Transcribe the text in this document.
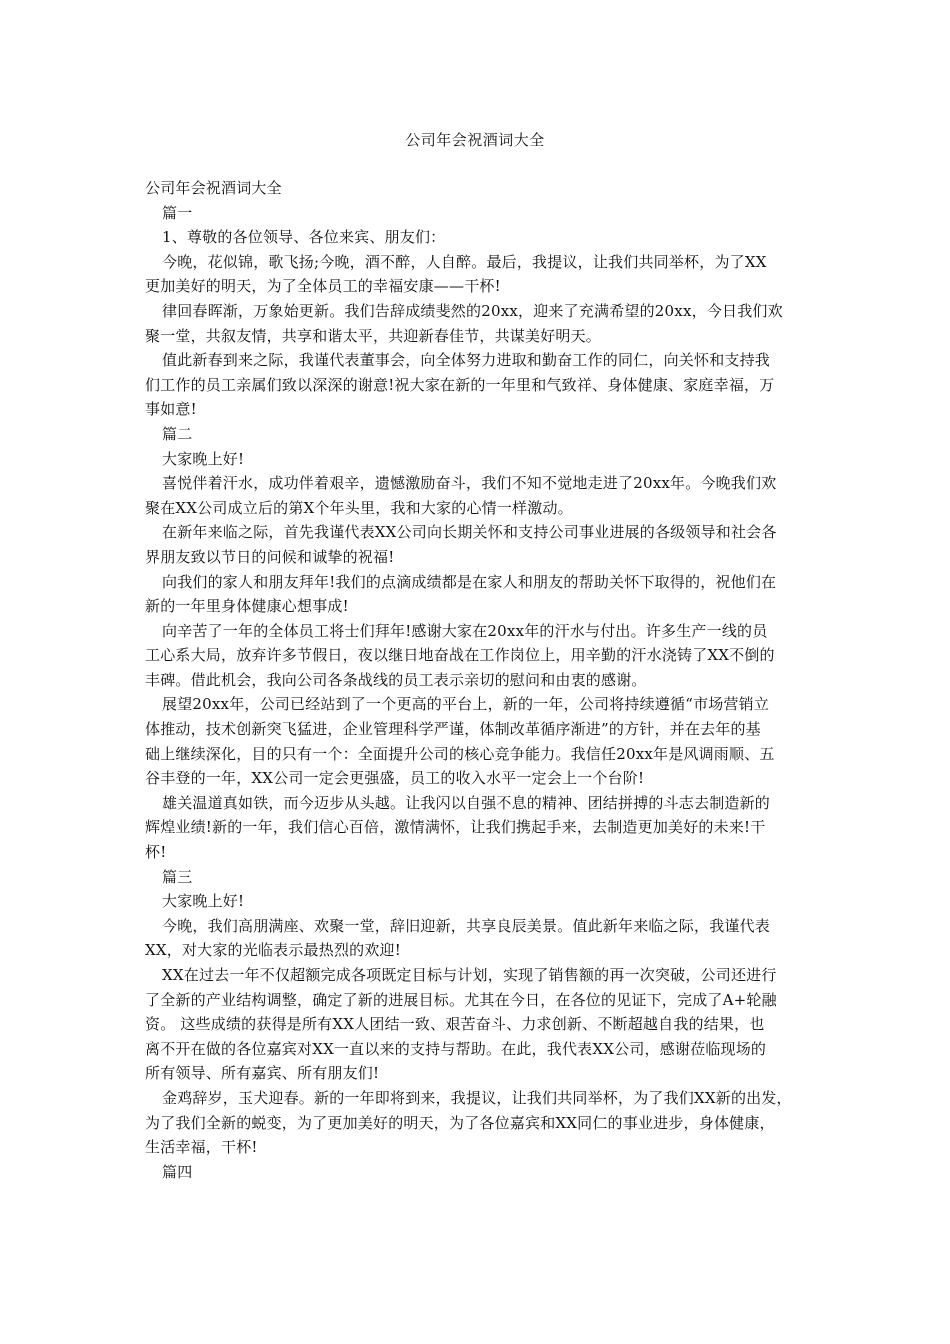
公司年会祝酒词大全
公司年会祝酒词大全
篇一
1、尊敬的各位领导、各位来宾、朋友们：
今晚，花似锦，歌飞扬;今晚，酒不醉，人自醉。最后，我提议，让我们共同举杯，为了XX
更加美好的明天，为了全体员工的幸福安康——干杯!
律回春晖渐，万象始更新。我们告辞成绩斐然的20xx，迎来了充满希望的20xx，今日我们欢
聚一堂，共叙友情，共享和谐太平，共迎新春佳节，共谋美好明天。
值此新春到来之际，我谨代表董事会，向全体努力进取和勤奋工作的同仁，向关怀和支持我
们工作的员工亲属们致以深深的谢意!祝大家在新的一年里和气致祥、身体健康、家庭幸福，万
事如意!
篇二
大家晚上好!
喜悦伴着汗水，成功伴着艰辛，遗憾激励奋斗，我们不知不觉地走进了20xx年。今晚我们欢
聚在XX公司成立后的第X个年头里，我和大家的心情一样激动。
在新年来临之际，首先我谨代表XX公司向长期关怀和支持公司事业进展的各级领导和社会各
界朋友致以节日的问候和诚挚的祝福!
向我们的家人和朋友拜年!我们的点滴成绩都是在家人和朋友的帮助关怀下取得的，祝他们在
新的一年里身体健康心想事成!
向辛苦了一年的全体员工将士们拜年!感谢大家在20xx年的汗水与付出。许多生产一线的员
工心系大局，放弃许多节假日，夜以继日地奋战在工作岗位上，用辛勤的汗水浇铸了XX不倒的
丰碑。借此机会，我向公司各条战线的员工表示亲切的慰问和由衷的感谢。
展望20xx年，公司已经站到了一个更高的平台上，新的一年，公司将持续遵循“市场营销立
体推动，技术创新突飞猛进，企业管理科学严谨，体制改革循序渐进”的方针，并在去年的基
础上继续深化，目的只有一个：全面提升公司的核心竞争能力。我信任20xx年是风调雨顺、五
谷丰登的一年，XX公司一定会更强盛，员工的收入水平一定会上一个台阶!
雄关温道真如铁，而今迈步从头越。让我闪以自强不息的精神、团结拼搏的斗志去制造新的
辉煌业绩!新的一年，我们信心百倍，激情满怀，让我们携起手来，去制造更加美好的未来!干
杯!
篇三
大家晚上好!
今晚，我们高朋满座、欢聚一堂，辞旧迎新，共享良辰美景。值此新年来临之际，我谨代表
XX，对大家的光临表示最热烈的欢迎!
XX在过去一年不仅超额完成各项既定目标与计划，实现了销售额的再一次突破，公司还进行
了全新的产业结构调整，确定了新的进展目标。尤其在今日，在各位的见证下，完成了A+轮融
资。 这些成绩的获得是所有XX人团结一致、艰苦奋斗、力求创新、不断超越自我的结果，也
离不开在做的各位嘉宾对XX一直以来的支持与帮助。在此，我代表XX公司，感谢莅临现场的
所有领导、所有嘉宾、所有朋友们!
金鸡辞岁，玉犬迎春。新的一年即将到来，我提议，让我们共同举杯，为了我们XX新的出发，
为了我们全新的蜕变，为了更加美好的明天，为了各位嘉宾和XX同仁的事业进步，身体健康，
生活幸福，干杯!
篇四
